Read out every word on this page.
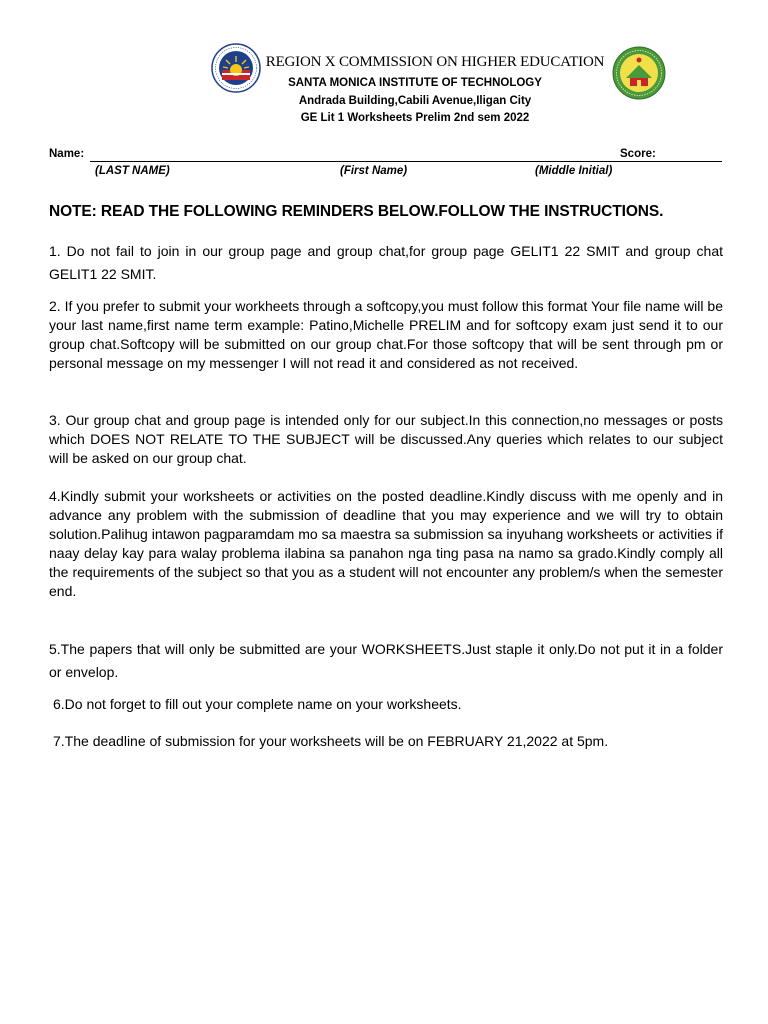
REGION X COMMISSION ON HIGHER EDUCATION
SANTA MONICA INSTITUTE OF TECHNOLOGY
Andrada Building,Cabili Avenue,Iligan City
GE Lit 1 Worksheets Prelim 2nd sem 2022
Name:	Score:
(LAST NAME)	(First Name)	(Middle Initial)
NOTE: READ THE FOLLOWING REMINDERS BELOW.FOLLOW THE INSTRUCTIONS.
1. Do not fail to join in our group page and group chat,for group page GELIT1 22 SMIT and group chat GELIT1 22 SMIT.
2. If you prefer to submit your workheets through a softcopy,you must follow this format Your file name will be your last name,first name term example: Patino,Michelle PRELIM and for softcopy exam just send it to our group chat.Softcopy will be submitted on our group chat.For those softcopy that will be sent through pm or personal message on my messenger I will not read it and considered as not received.
3. Our group chat and group page is intended only for our subject.In this connection,no messages or posts which DOES NOT RELATE TO THE SUBJECT will be discussed.Any queries which relates to our subject will be asked on our group chat.
4.Kindly submit your worksheets or activities on the posted deadline.Kindly discuss with me openly and in advance any problem with the submission of deadline that you may experience and we will try to obtain solution.Palihug intawon pagparamdam mo sa maestra sa submission sa inyuhang worksheets or activities if naay delay kay para walay problema ilabina sa panahon nga ting pasa na namo sa grado.Kindly comply all the requirements of the subject so that you as a student will not encounter any problem/s when the semester end.
5.The papers that will only be submitted are your WORKSHEETS.Just staple it only.Do not put it in a folder or envelop.
6.Do not forget to fill out your complete name on your worksheets.
7.The deadline of submission for your worksheets will be on FEBRUARY 21,2022 at 5pm.
